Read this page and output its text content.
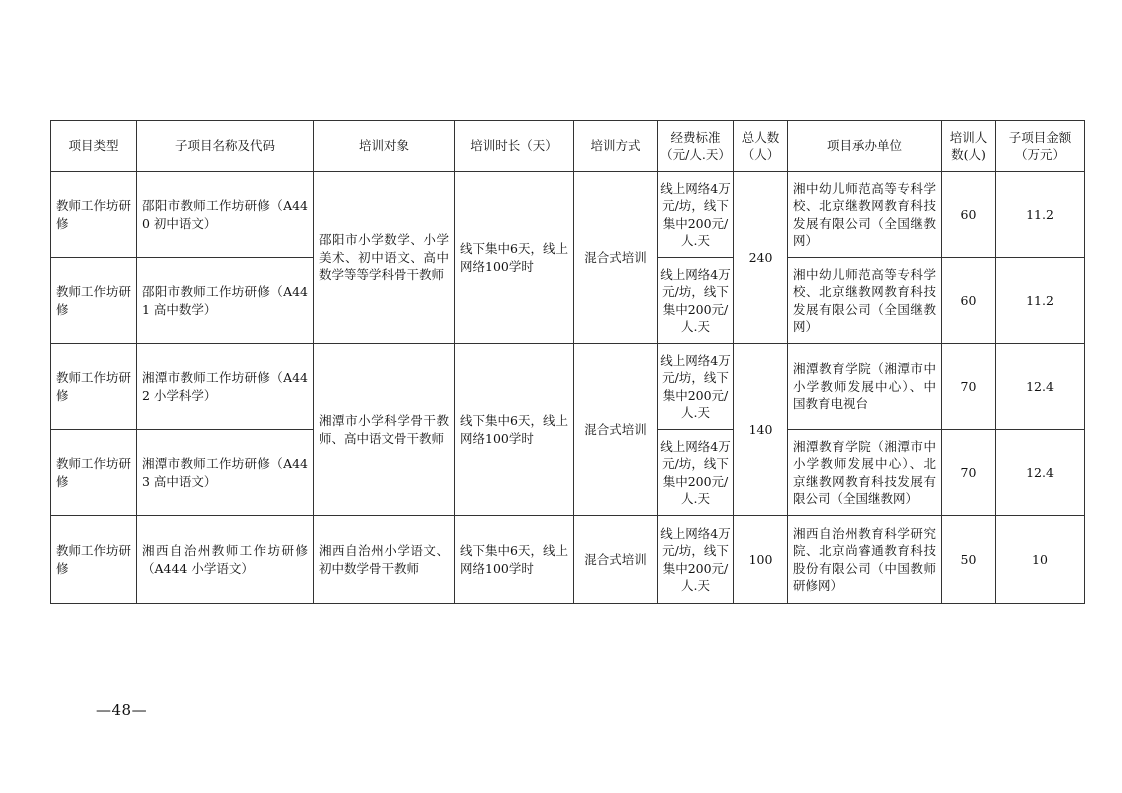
项目类型	子项目名称及代码	培训对象	培训时长（天）	培训方式	经费标准（元/人.天）	总人数（人）	项目承办单位	培训人数(人)	子项目金额（万元）
教师工作坊研修	邵阳市教师工作坊研修（A440 初中语文）	邵阳市小学数学、小学美术、初中语文、高中数学等等学科骨干教师	线下集中6天，线上网络100学时	混合式培训	线上网络4万元/坊，线下集中200元/人.天	240	湘中幼儿师范高等专科学校、北京继教网教育科技发展有限公司（全国继教网）	60	11.2
教师工作坊研修	邵阳市教师工作坊研修（A441 高中数学）				线上网络4万元/坊，线下集中200元/人.天		湘中幼儿师范高等专科学校、北京继教网教育科技发展有限公司（全国继教网）	60	11.2
教师工作坊研修	湘潭市教师工作坊研修（A442 小学科学）	湘潭市小学科学骨干教师、高中语文骨干教师	线下集中6天，线上网络100学时	混合式培训	线上网络4万元/坊，线下集中200元/人.天	140	湘潭教育学院（湘潭市中小学教师发展中心）、中国教育电视台	70	12.4
教师工作坊研修	湘潭市教师工作坊研修（A443 高中语文）				线上网络4万元/坊，线下集中200元/人.天		湘潭教育学院（湘潭市中小学教师发展中心）、北京继教网教育科技发展有限公司（全国继教网）	70	12.4
教师工作坊研修	湘西自治州教师工作坊研修（A444 小学语文）	湘西自治州小学语文、初中数学骨干教师	线下集中6天，线上网络100学时	混合式培训	线上网络4万元/坊，线下集中200元/人.天	100	湘西自治州教育科学研究院、北京尚睿通教育科技股份有限公司（中国教师研修网）	50	10
—48—
